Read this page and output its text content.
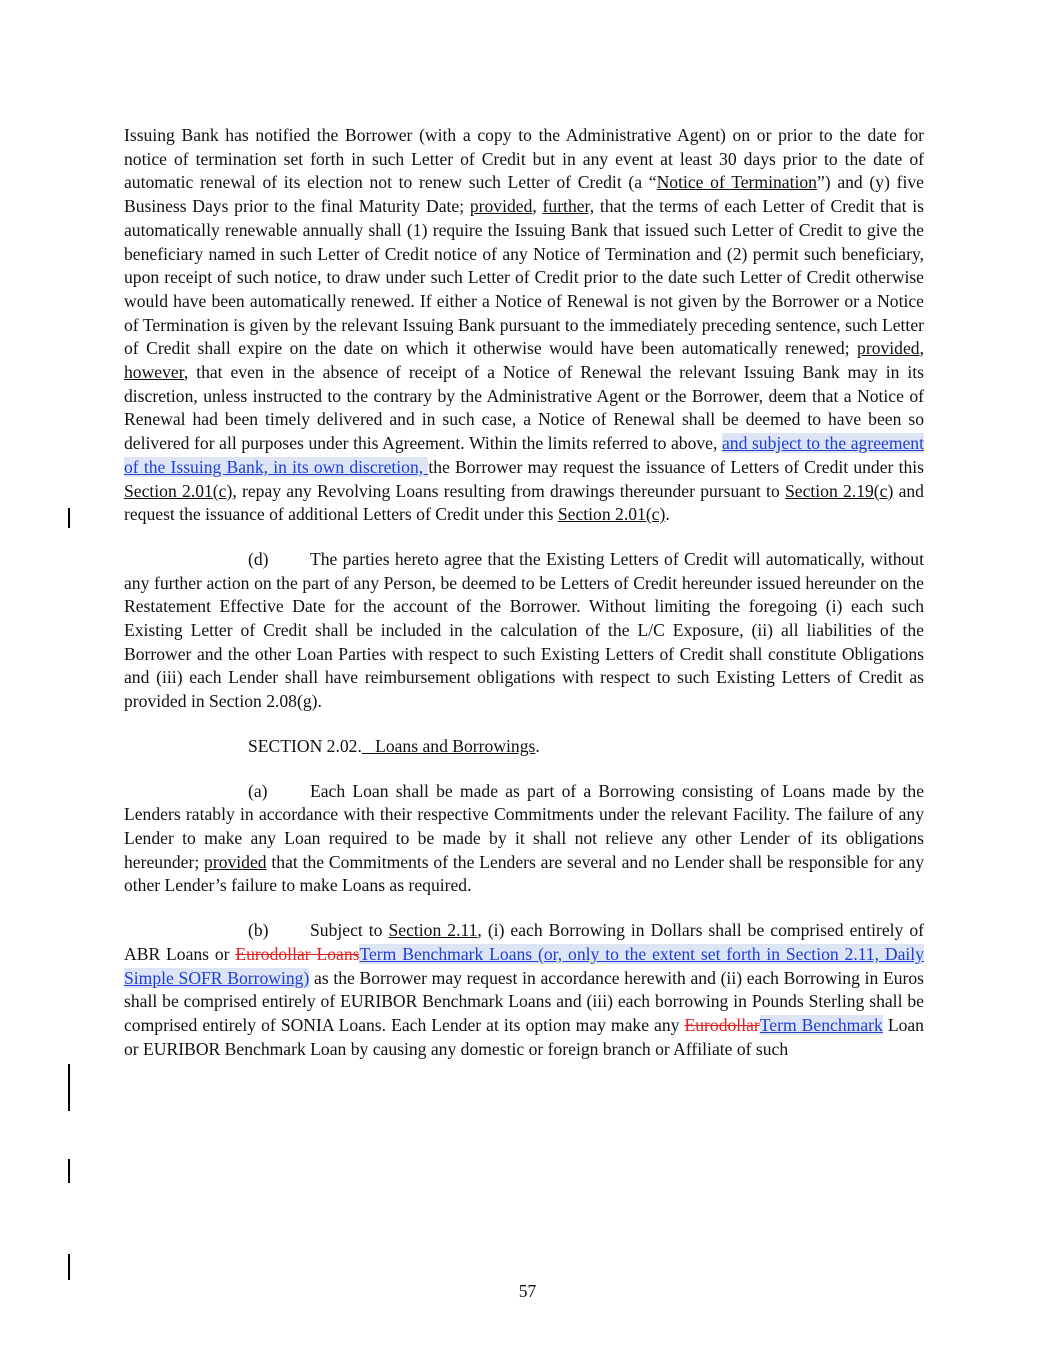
Issuing Bank has notified the Borrower (with a copy to the Administrative Agent) on or prior to the date for notice of termination set forth in such Letter of Credit but in any event at least 30 days prior to the date of automatic renewal of its election not to renew such Letter of Credit (a “Notice of Termination”) and (y) five Business Days prior to the final Maturity Date; provided, further, that the terms of each Letter of Credit that is automatically renewable annually shall (1) require the Issuing Bank that issued such Letter of Credit to give the beneficiary named in such Letter of Credit notice of any Notice of Termination and (2) permit such beneficiary, upon receipt of such notice, to draw under such Letter of Credit prior to the date such Letter of Credit otherwise would have been automatically renewed. If either a Notice of Renewal is not given by the Borrower or a Notice of Termination is given by the relevant Issuing Bank pursuant to the immediately preceding sentence, such Letter of Credit shall expire on the date on which it otherwise would have been automatically renewed; provided, however, that even in the absence of receipt of a Notice of Renewal the relevant Issuing Bank may in its discretion, unless instructed to the contrary by the Administrative Agent or the Borrower, deem that a Notice of Renewal had been timely delivered and in such case, a Notice of Renewal shall be deemed to have been so delivered for all purposes under this Agreement. Within the limits referred to above, and subject to the agreement of the Issuing Bank, in its own discretion, the Borrower may request the issuance of Letters of Credit under this Section 2.01(c), repay any Revolving Loans resulting from drawings thereunder pursuant to Section 2.19(c) and request the issuance of additional Letters of Credit under this Section 2.01(c).

(d) The parties hereto agree that the Existing Letters of Credit will automatically, without any further action on the part of any Person, be deemed to be Letters of Credit hereunder issued hereunder on the Restatement Effective Date for the account of the Borrower. Without limiting the foregoing (i) each such Existing Letter of Credit shall be included in the calculation of the L/C Exposure, (ii) all liabilities of the Borrower and the other Loan Parties with respect to such Existing Letters of Credit shall constitute Obligations and (iii) each Lender shall have reimbursement obligations with respect to such Existing Letters of Credit as provided in Section 2.08(g).

SECTION 2.02. Loans and Borrowings.

(a) Each Loan shall be made as part of a Borrowing consisting of Loans made by the Lenders ratably in accordance with their respective Commitments under the relevant Facility. The failure of any Lender to make any Loan required to be made by it shall not relieve any other Lender of its obligations hereunder; provided that the Commitments of the Lenders are several and no Lender shall be responsible for any other Lender’s failure to make Loans as required.

(b) Subject to Section 2.11, (i) each Borrowing in Dollars shall be comprised entirely of ABR Loans or Eurodollar LoansTerm Benchmark Loans (or, only to the extent set forth in Section 2.11, Daily Simple SOFR Borrowing) as the Borrower may request in accordance herewith and (ii) each Borrowing in Euros shall be comprised entirely of EURIBOR Benchmark Loans and (iii) each borrowing in Pounds Sterling shall be comprised entirely of SONIA Loans. Each Lender at its option may make any EurodollarTerm Benchmark Loan or EURIBOR Benchmark Loan by causing any domestic or foreign branch or Affiliate of such

57
